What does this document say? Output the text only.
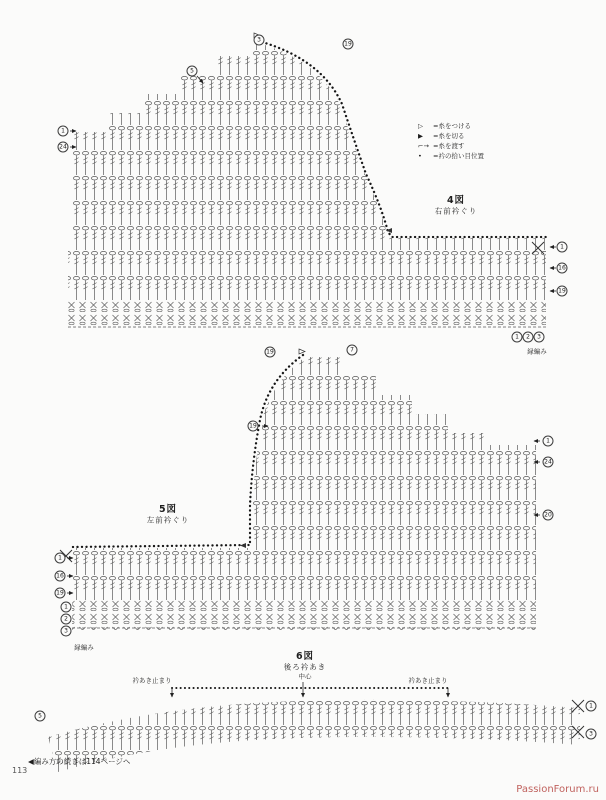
▷ =糸をつける
▶ =糸を切る
⌐→ =糸を渡す
• =衿の拾い目位置
4図
右前衿ぐり
縁編み
5図
左前衿ぐり
縁編み
6図
後ろ衿あき
衿あき止まり	中心	衿あき止まり
◀編み方の続きは114ページへ
113
PassionForum.ru
3
19
5
1
24
1
16
19
1	2	3
19	7
19
1
24
20
1
16
19
1
2
3
5
1
3
